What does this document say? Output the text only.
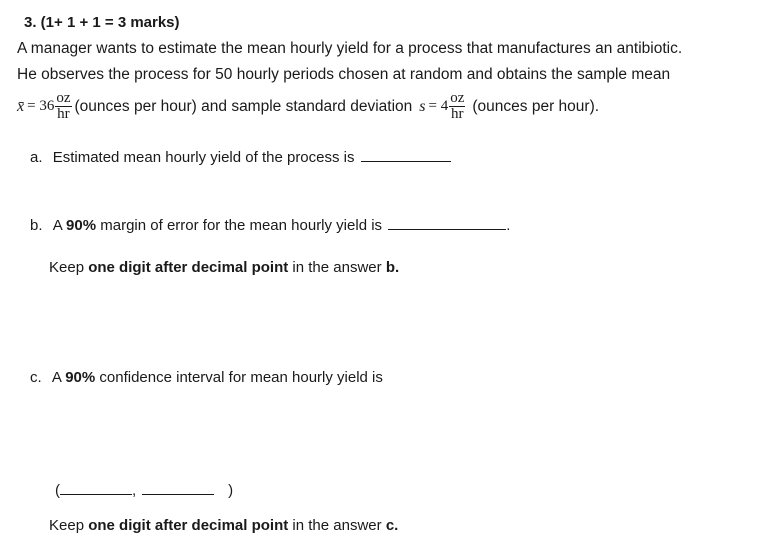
3. (1+ 1 + 1 = 3 marks)
A manager wants to estimate the mean hourly yield for a process that manufactures an antibiotic.
He observes the process for 50 hourly periods chosen at random and obtains the sample mean
x̄ = $36 \frac{oz}{hr}$ (ounces per hour) and sample standard deviation $s = 4 \frac{oz}{hr}$ (ounces per hour).
a. Estimated mean hourly yield of the process is
b. A 90% margin of error for the mean hourly yield is	.
Keep one digit after decimal point in the answer b.
c. A 90% confidence interval for mean hourly yield is
(	,	)
Keep one digit after decimal point in the answer c.
